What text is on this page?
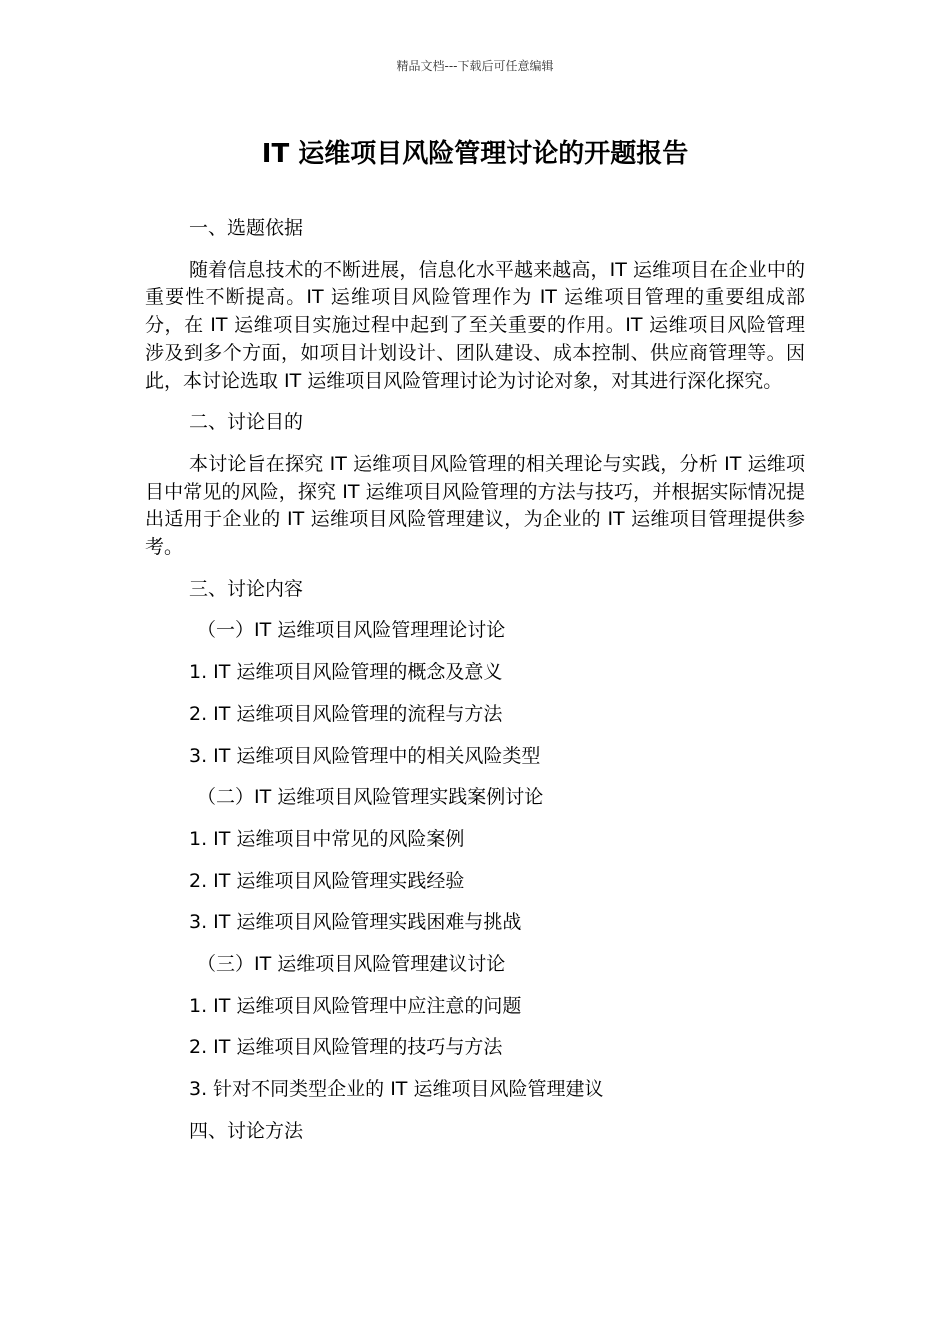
精品文档---下载后可任意编辑
IT 运维项目风险管理讨论的开题报告

一、选题依据

随着信息技术的不断进展，信息化水平越来越高，IT 运维项目在企业中的重要性不断提高。IT 运维项目风险管理作为 IT 运维项目管理的重要组成部分，在 IT 运维项目实施过程中起到了至关重要的作用。IT 运维项目风险管理涉及到多个方面，如项目计划设计、团队建设、成本控制、供应商管理等。因此，本讨论选取 IT 运维项目风险管理讨论为讨论对象，对其进行深化探究。

二、讨论目的

本讨论旨在探究 IT 运维项目风险管理的相关理论与实践，分析 IT 运维项目中常见的风险，探究 IT 运维项目风险管理的方法与技巧，并根据实际情况提出适用于企业的 IT 运维项目风险管理建议，为企业的 IT 运维项目管理提供参考。

三、讨论内容

（一）IT 运维项目风险管理理论讨论

1. IT 运维项目风险管理的概念及意义

2. IT 运维项目风险管理的流程与方法

3. IT 运维项目风险管理中的相关风险类型

（二）IT 运维项目风险管理实践案例讨论

1. IT 运维项目中常见的风险案例

2. IT 运维项目风险管理实践经验

3. IT 运维项目风险管理实践困难与挑战

（三）IT 运维项目风险管理建议讨论

1. IT 运维项目风险管理中应注意的问题

2. IT 运维项目风险管理的技巧与方法

3. 针对不同类型企业的 IT 运维项目风险管理建议

四、讨论方法
